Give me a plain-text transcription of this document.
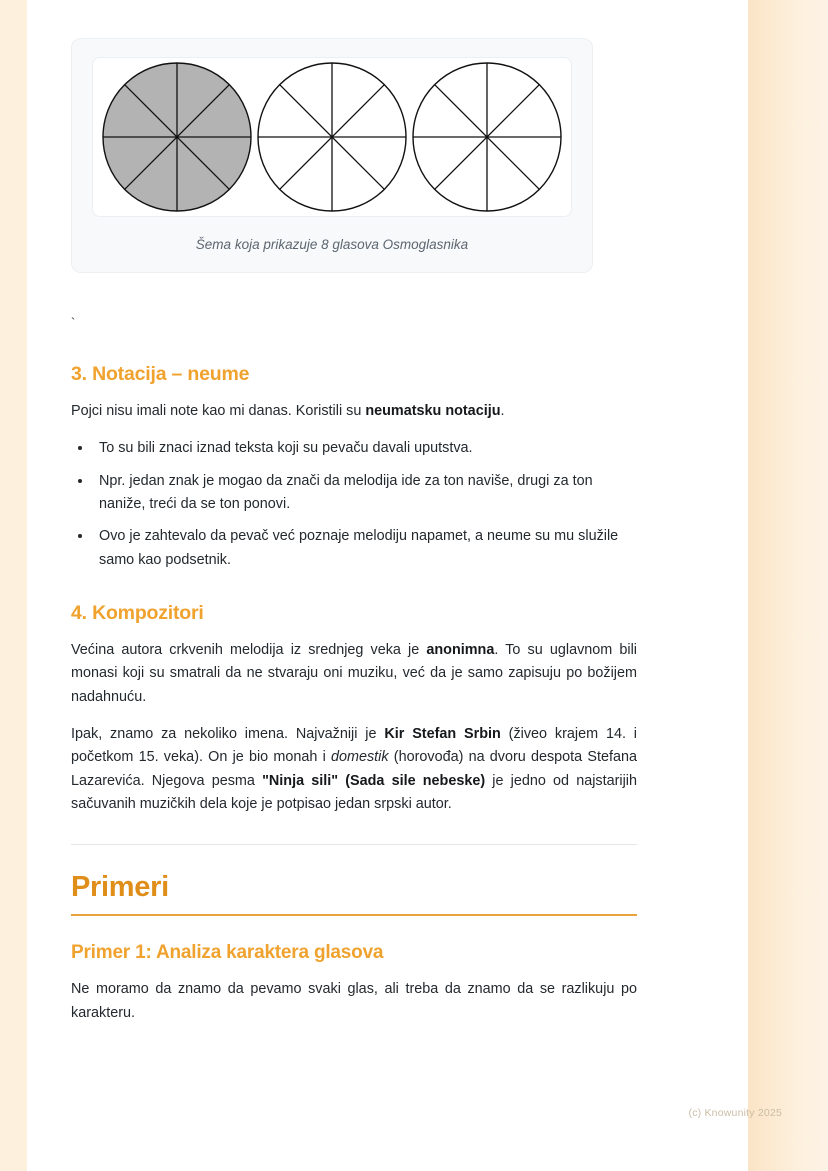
Šema koja prikazuje 8 glasova Osmoglasnika
`
3. Notacija – neume

Pojci nisu imali note kao mi danas. Koristili su neumatsku notaciju.

• To su bili znaci iznad teksta koji su pevaču davali uputstva.
• Npr. jedan znak je mogao da znači da melodija ide za ton naviše, drugi za ton naniže, treći da se ton ponovi.
• Ovo je zahtevalo da pevač već poznaje melodiju napamet, a neume su mu služile samo kao podsetnik.
4. Kompozitori

Većina autora crkvenih melodija iz srednjeg veka je anonimna. To su uglavnom bili monasi koji su smatrali da ne stvaraju oni muziku, već da je samo zapisuju po božijem nadahnuću.

Ipak, znamo za nekoliko imena. Najvažniji je Kir Stefan Srbin (živeo krajem 14. i početkom 15. veka). On je bio monah i domestik (horovođa) na dvoru despota Stefana Lazarevića. Njegova pesma "Ninja sili" (Sada sile nebeske) je jedno od najstarijih sačuvanih muzičkih dela koje je potpisao jedan srpski autor.

Primeri
Primer 1: Analiza karaktera glasova

Ne moramo da znamo da pevamo svaki glas, ali treba da znamo da se razlikuju po karakteru.

(c) Knowunity 2025
